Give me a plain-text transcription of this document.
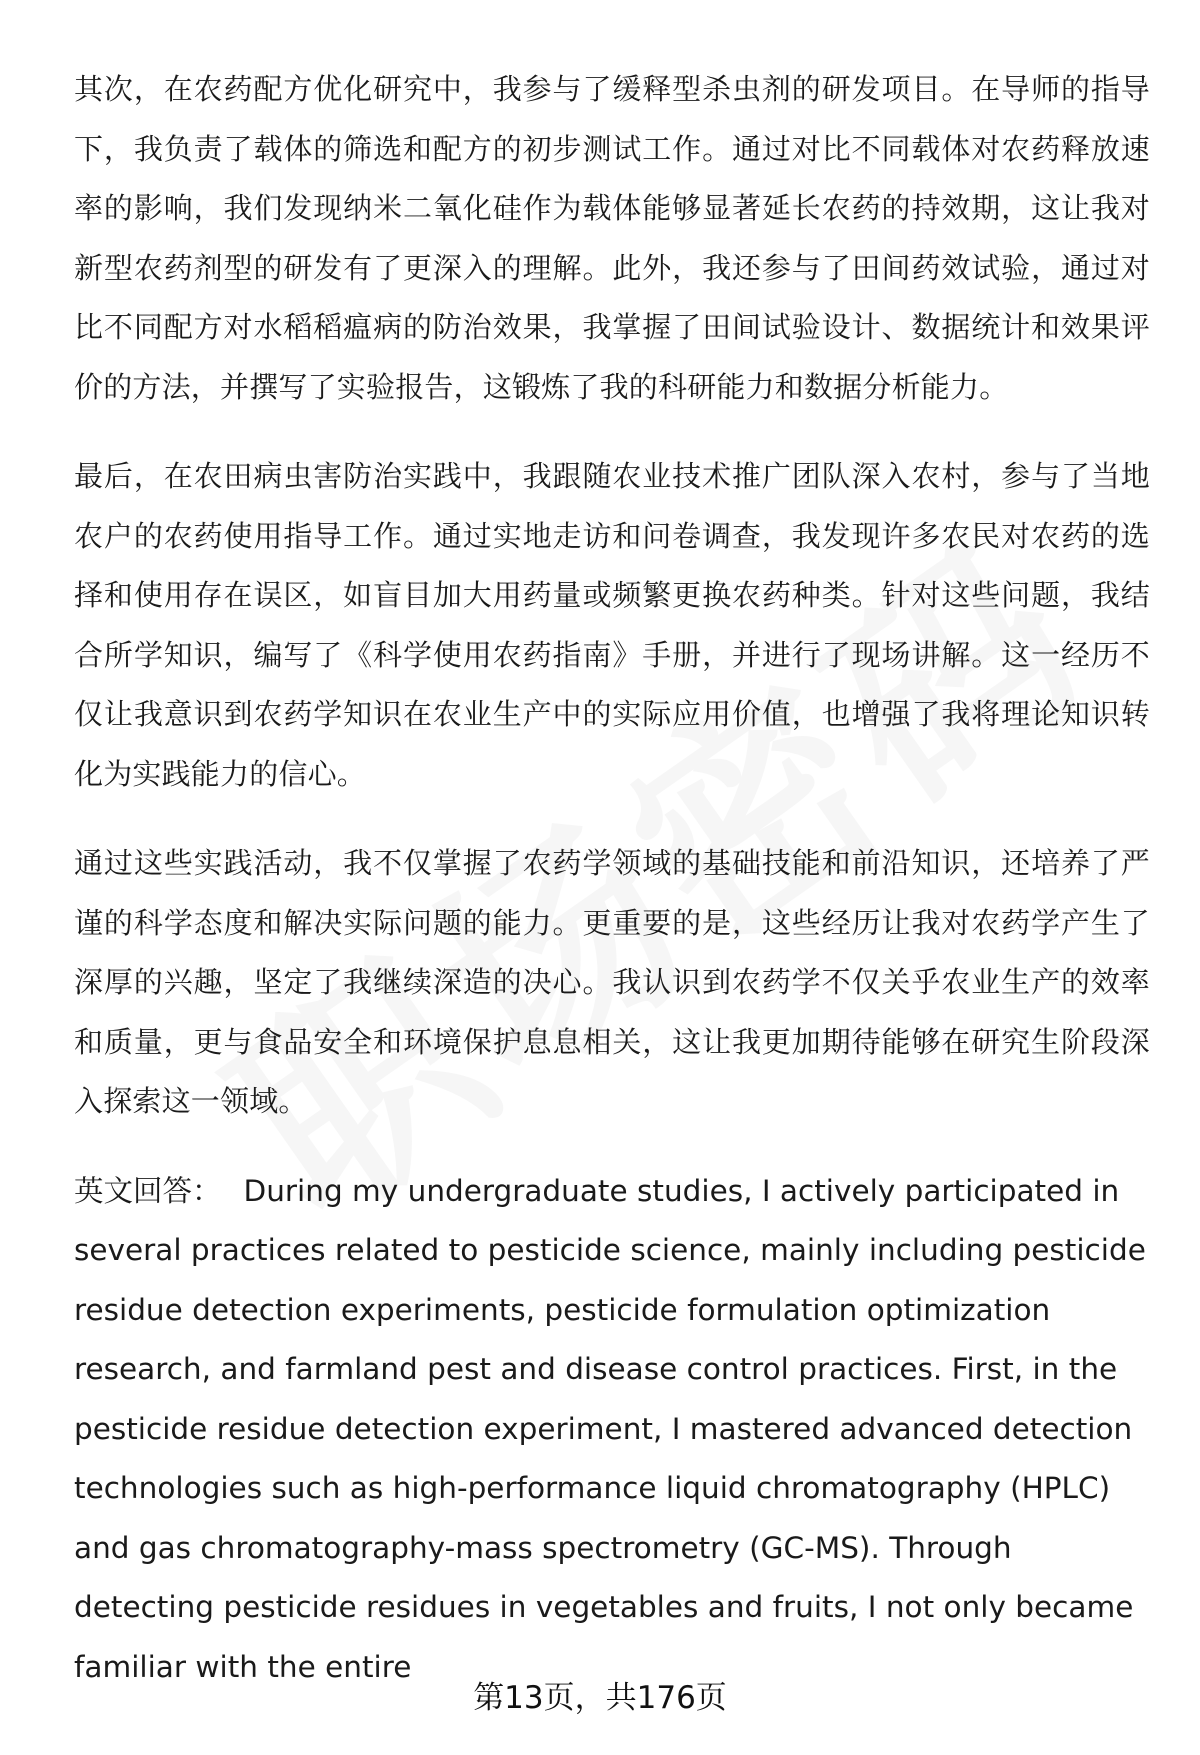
其次，在农药配方优化研究中，我参与了缓释型杀虫剂的研发项目。在导师的指导下，我负责了载体的筛选和配方的初步测试工作。通过对比不同载体对农药释放速率的影响，我们发现纳米二氧化硅作为载体能够显著延长农药的持效期，这让我对新型农药剂型的研发有了更深入的理解。此外，我还参与了田间药效试验，通过对比不同配方对水稻稻瘟病的防治效果，我掌握了田间试验设计、数据统计和效果评价的方法，并撰写了实验报告，这锻炼了我的科研能力和数据分析能力。

最后，在农田病虫害防治实践中，我跟随农业技术推广团队深入农村，参与了当地农户的农药使用指导工作。通过实地走访和问卷调查，我发现许多农民对农药的选择和使用存在误区，如盲目加大用药量或频繁更换农药种类。针对这些问题，我结合所学知识，编写了《科学使用农药指南》手册，并进行了现场讲解。这一经历不仅让我意识到农药学知识在农业生产中的实际应用价值，也增强了我将理论知识转化为实践能力的信心。

通过这些实践活动，我不仅掌握了农药学领域的基础技能和前沿知识，还培养了严谨的科学态度和解决实际问题的能力。更重要的是，这些经历让我对农药学产生了深厚的兴趣，坚定了我继续深造的决心。我认识到农药学不仅关乎农业生产的效率和质量，更与食品安全和环境保护息息相关，这让我更加期待能够在研究生阶段深入探索这一领域。

英文回答： During my undergraduate studies, I actively participated in several practices related to pesticide science, mainly including pesticide residue detection experiments, pesticide formulation optimization research, and farmland pest and disease control practices. First, in the pesticide residue detection experiment, I mastered advanced detection technologies such as high-performance liquid chromatography (HPLC) and gas chromatography-mass spectrometry (GC-MS). Through detecting pesticide residues in vegetables and fruits, I not only became familiar with the entire

第13页，共176页
